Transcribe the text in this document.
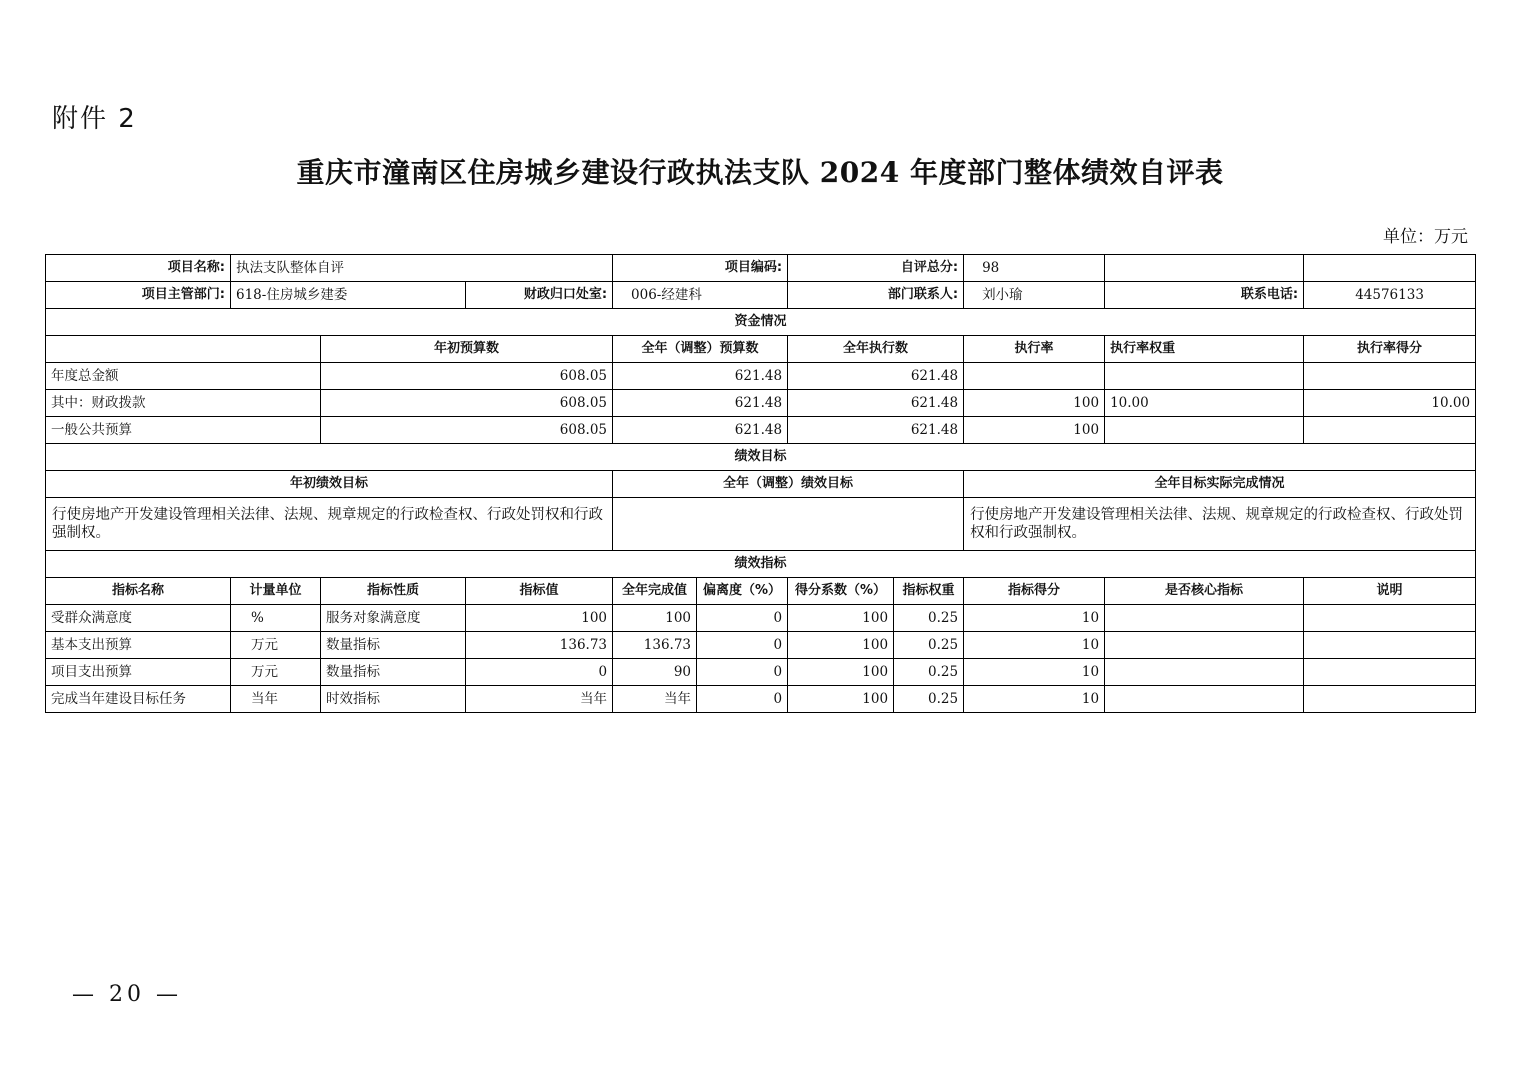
附件 2
重庆市潼南区住房城乡建设行政执法支队 2024 年度部门整体绩效自评表
单位：万元
项目名称:	执法支队整体自评			项目编码:		自评总分:		98		
项目主管部门:	618-住房城乡建委		财政归口处室:	006-经建科		部门联系人:		刘小瑜	联系电话:	44576133
资金情况										
		年初预算数		全年（调整）预算数		全年执行数		执行率	执行率权重	执行率得分
年度总金额		608.05		621.48		621.48				
其中：财政拨款		608.05		621.48		621.48		100	10.00	10.00
一般公共预算		608.05		621.48		621.48		100		
绩效目标										
年初绩效目标				全年（调整）绩效目标				全年目标实际完成情况		
行使房地产开发建设管理相关法律、法规、规章规定的行政检查权、行政处罚权和行政强制权。								行使房地产开发建设管理相关法律、法规、规章规定的行政检查权、行政处罚权和行政强制权。		
绩效指标										
指标名称	计量单位	指标性质	指标值	全年完成值	偏离度（%）	得分系数（%）	指标权重	指标得分	是否核心指标	说明
受群众满意度	%	服务对象满意度	100	100	0	100	0.25	10		
基本支出预算	万元	数量指标	136.73	136.73	0	100	0.25	10		
项目支出预算	万元	数量指标	0	90	0	100	0.25	10		
完成当年建设目标任务	当年	时效指标	当年	当年	0	100	0.25	10		
— 20 —
